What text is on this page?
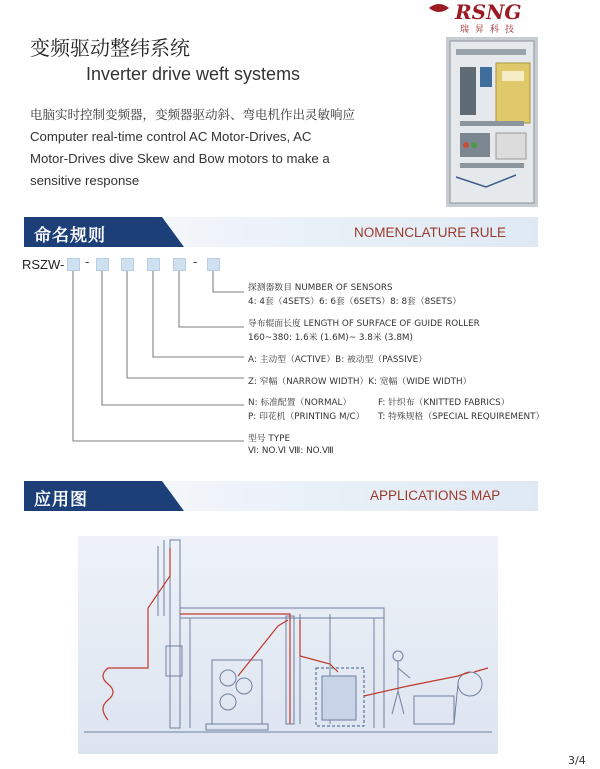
RSNG
瑞昇科技
变频驱动整纬系统
Inverter drive weft systems
电脑实时控制变频器，变频器驱动斜、弯电机作出灵敏响应
Computer real-time control AC Motor-Drives, AC
Motor-Drives dive Skew and Bow motors to make a
sensitive response
命名规则	NOMENCLATURE RULE
RSZW- -	-
探测器数目 NUMBER OF SENSORS
4: 4套（4SETS）6: 6套（6SETS）8: 8套（8SETS）
导布辊面长度 LENGTH OF SURFACE OF GUIDE ROLLER
160~380: 1.6米 (1.6M)~ 3.8米 (3.8M)
A: 主动型（ACTIVE）B: 被动型（PASSIVE）
Z: 窄幅（NARROW WIDTH）K: 宽幅（WIDE WIDTH）
N: 标准配置（NORMAL）	F: 针织布（KNITTED FABRICS）
P: 印花机（PRINTING M/C） T: 特殊规格（SPECIAL REQUIREMENT）
型号 TYPE
Ⅵ: NO.Ⅵ Ⅷ: NO.Ⅷ
应用图	APPLICATIONS MAP
3/4
